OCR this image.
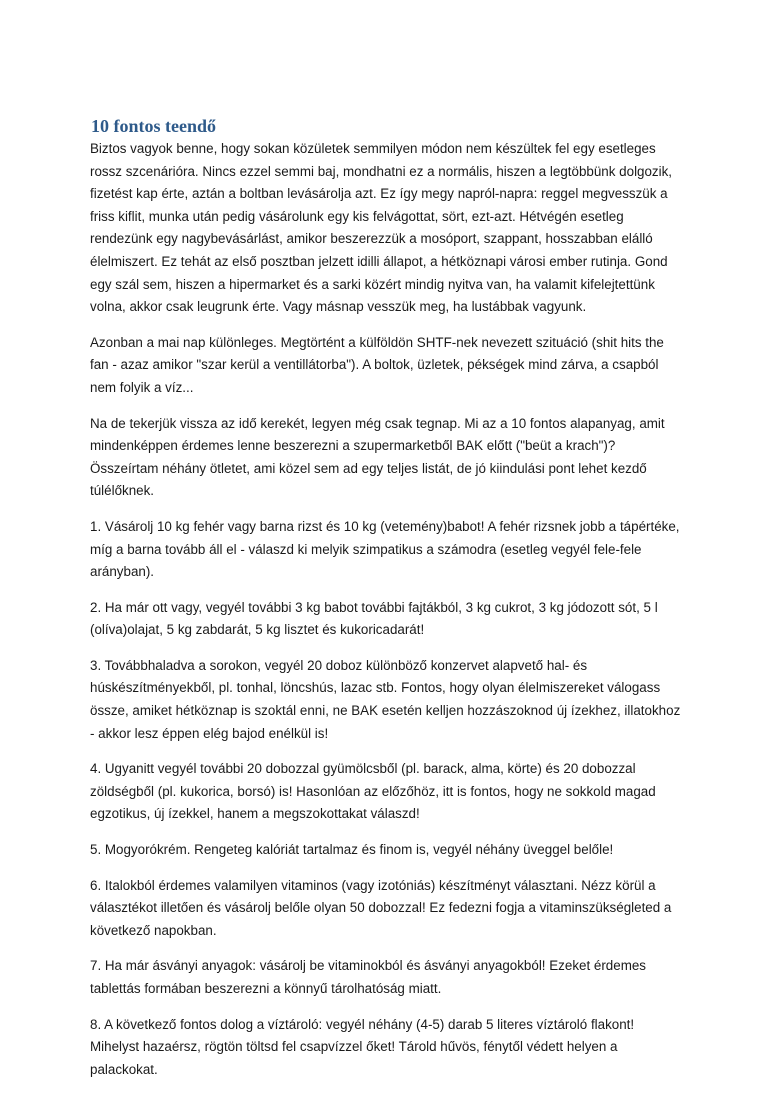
10 fontos teendő

Biztos vagyok benne, hogy sokan közületek semmilyen módon nem készültek fel egy esetleges rossz szcenárióra. Nincs ezzel semmi baj, mondhatni ez a normális, hiszen a legtöbbünk dolgozik, fizetést kap érte, aztán a boltban levásárolja azt. Ez így megy napról-napra: reggel megvesszük a friss kiflit, munka után pedig vásárolunk egy kis felvágottat, sört, ezt-azt. Hétvégén esetleg rendezünk egy nagybevásárlást, amikor beszerezzük a mosóport, szappant, hosszabban elálló élelmiszert. Ez tehát az első posztban jelzett idilli állapot, a hétköznapi városi ember rutinja. Gond egy szál sem, hiszen a hipermarket és a sarki közért mindig nyitva van, ha valamit kifelejtettünk volna, akkor csak leugrunk érte. Vagy másnap vesszük meg, ha lustábbak vagyunk.

Azonban a mai nap különleges. Megtörtént a külföldön SHTF-nek nevezett szituáció (shit hits the fan - azaz amikor "szar kerül a ventillátorba"). A boltok, üzletek, pékségek mind zárva, a csapból nem folyik a víz...

Na de tekerjük vissza az idő kerekét, legyen még csak tegnap. Mi az a 10 fontos alapanyag, amit mindenképpen érdemes lenne beszerezni a szupermarketből BAK előtt ("beüt a krach")? Összeírtam néhány ötletet, ami közel sem ad egy teljes listát, de jó kiindulási pont lehet kezdő túlélőknek.

1. Vásárolj 10 kg fehér vagy barna rizst és 10 kg (vetemény)babot! A fehér rizsnek jobb a tápértéke, míg a barna tovább áll el - válaszd ki melyik szimpatikus a számodra (esetleg vegyél fele-fele arányban).

2. Ha már ott vagy, vegyél további 3 kg babot további fajtákból, 3 kg cukrot, 3 kg jódozott sót, 5 l (olíva)olajat, 5 kg zabdarát, 5 kg lisztet és kukoricadarát!

3. Továbbhaladva a sorokon, vegyél 20 doboz különböző konzervet alapvető hal- és húskészítményekből, pl. tonhal, löncshús, lazac stb. Fontos, hogy olyan élelmiszereket válogass össze, amiket hétköznap is szoktál enni, ne BAK esetén kelljen hozzászoknod új ízekhez, illatokhoz - akkor lesz éppen elég bajod enélkül is!

4. Ugyanitt vegyél további 20 dobozzal gyümölcsből (pl. barack, alma, körte) és 20 dobozzal zöldségből (pl. kukorica, borsó) is! Hasonlóan az előzőhöz, itt is fontos, hogy ne sokkold magad egzotikus, új ízekkel, hanem a megszokottakat válaszd!

5. Mogyorókrém. Rengeteg kalóriát tartalmaz és finom is, vegyél néhány üveggel belőle!

6. Italokból érdemes valamilyen vitaminos (vagy izotóniás) készítményt választani. Nézz körül a választékot illetően és vásárolj belőle olyan 50 dobozzal! Ez fedezni fogja a vitaminszükségleted a következő napokban.

7. Ha már ásványi anyagok: vásárolj be vitaminokból és ásványi anyagokból! Ezeket érdemes tablettás formában beszerezni a könnyű tárolhatóság miatt.

8. A következő fontos dolog a víztároló: vegyél néhány (4-5) darab 5 literes víztároló flakont! Mihelyst hazaérsz, rögtön töltsd fel csapvízzel őket! Tárold hűvös, fénytől védett helyen a palackokat.
